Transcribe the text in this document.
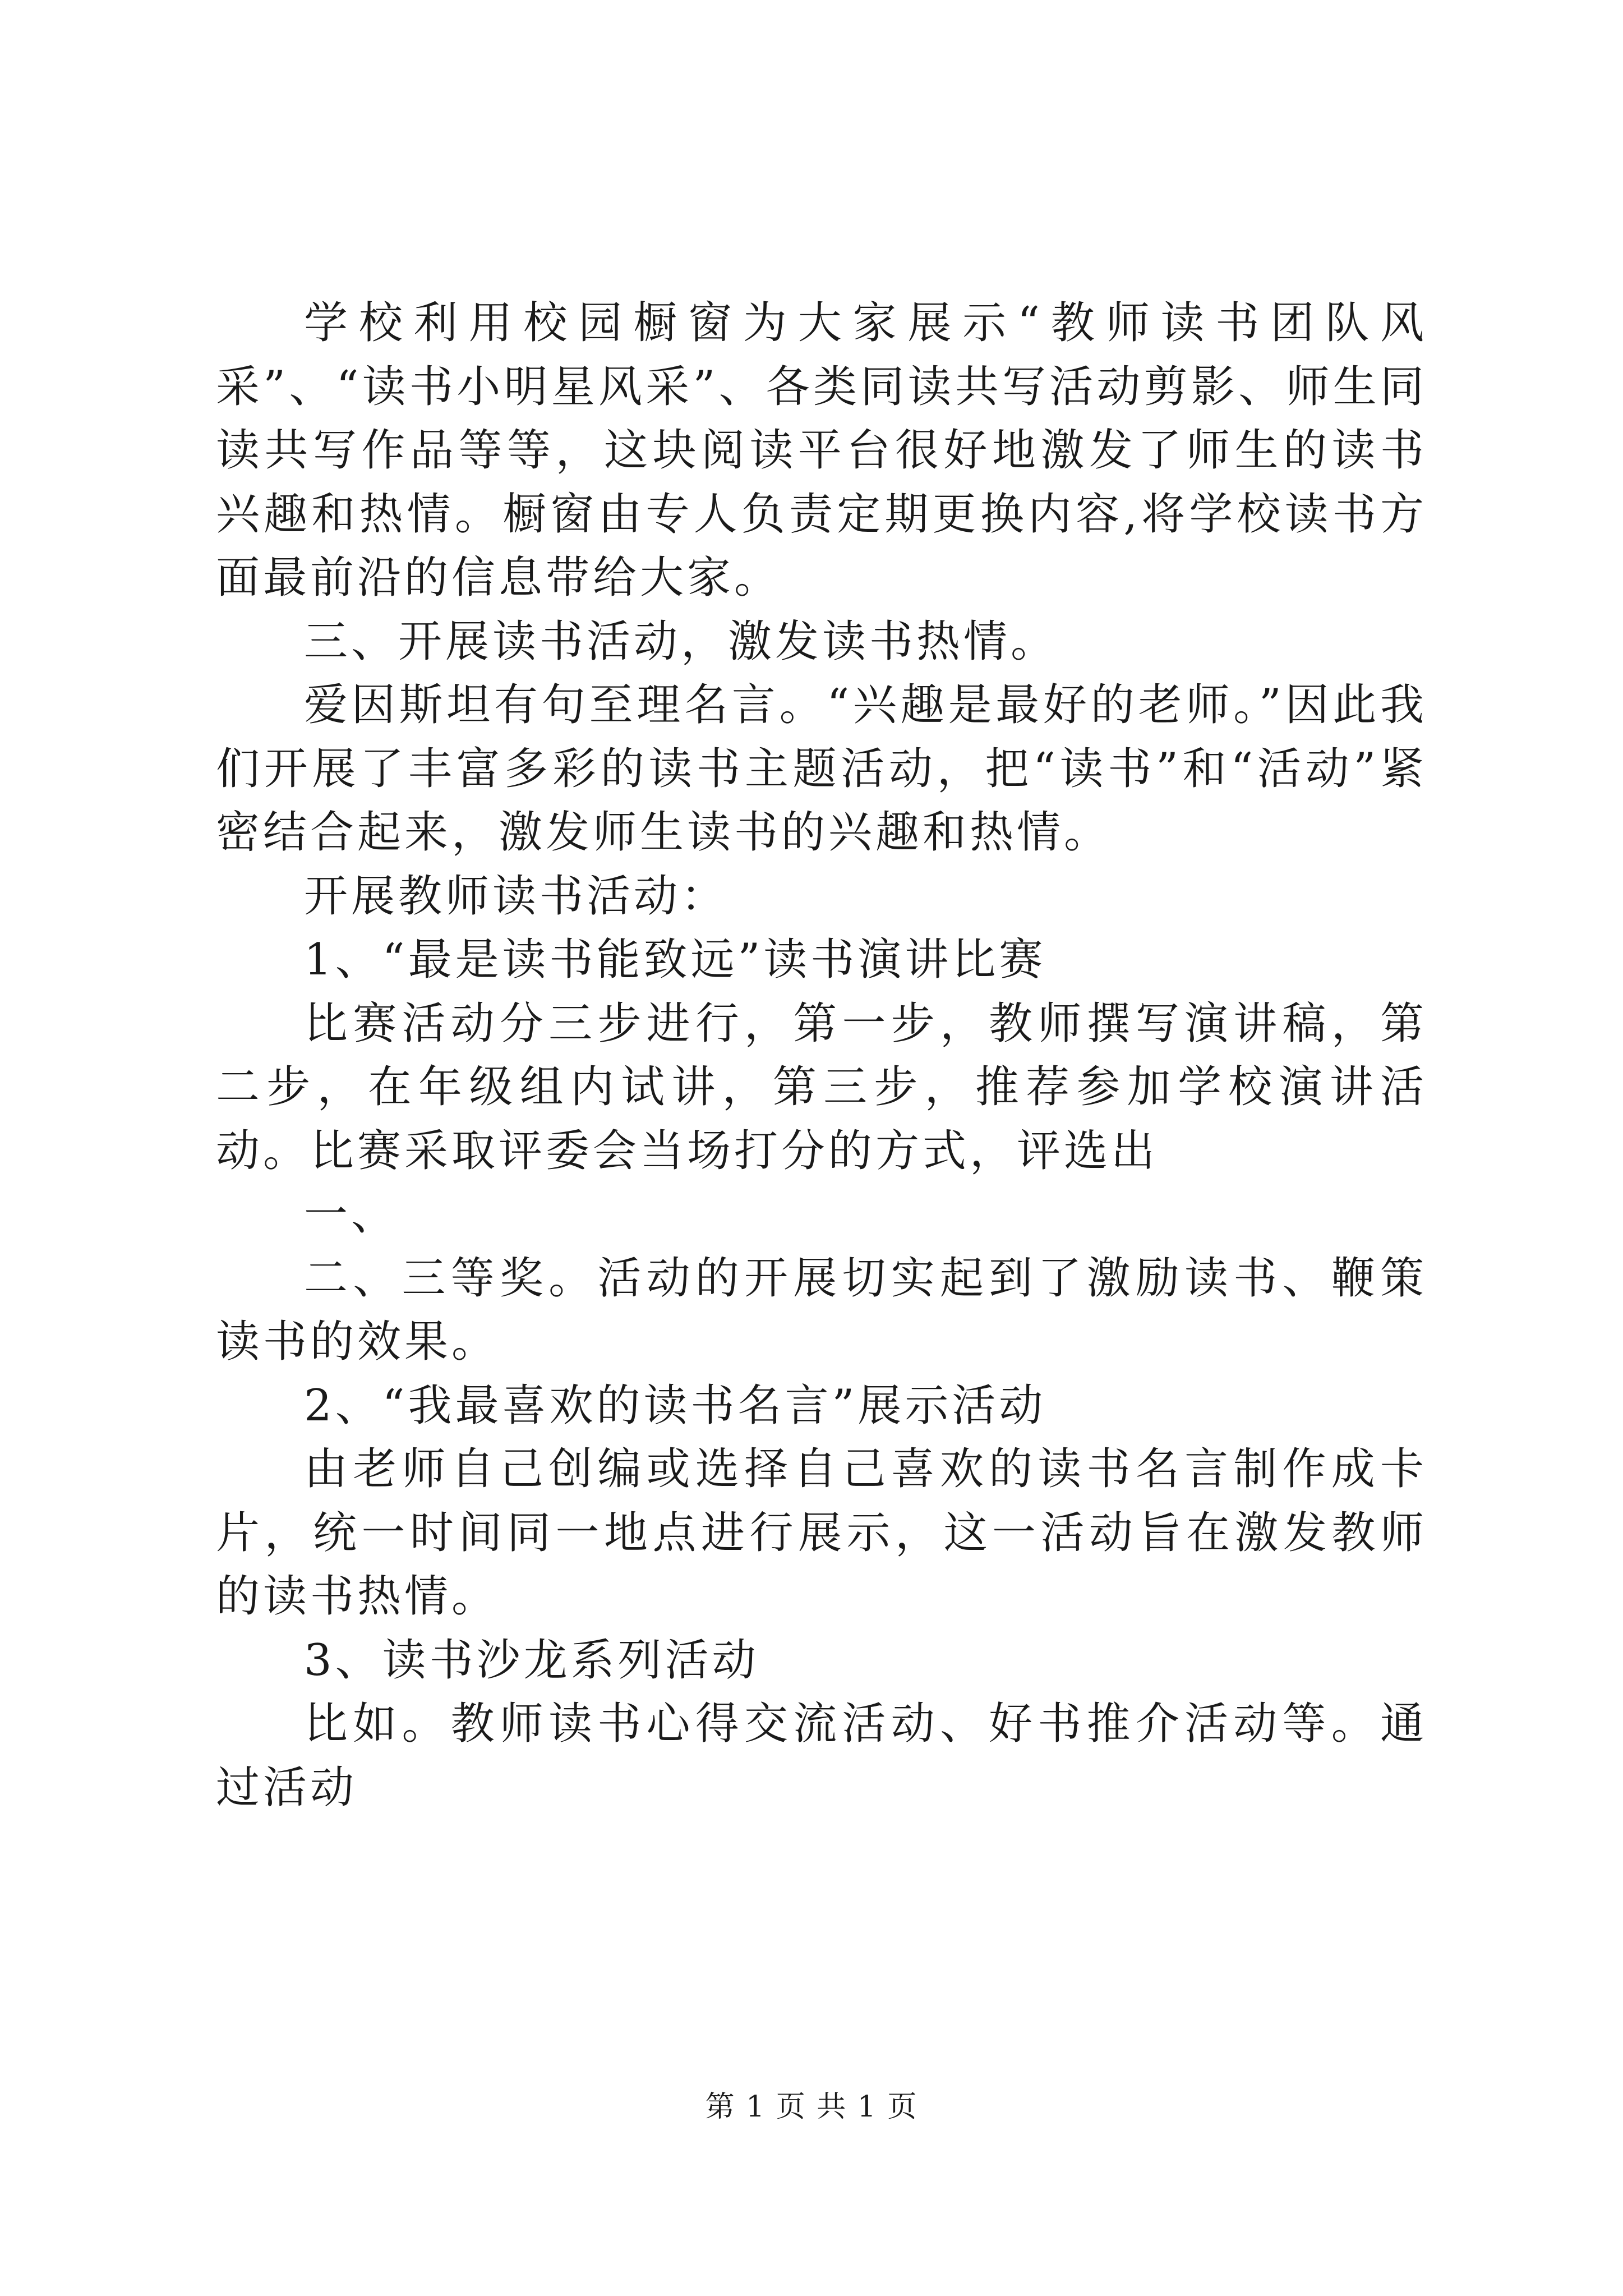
学校利用校园橱窗为大家展示“教师读书团队风采”、“读书小明星风采”、各类同读共写活动剪影、师生同读共写作品等等，这块阅读平台很好地激发了师生的读书兴趣和热情。橱窗由专人负责定期更换内容,将学校读书方面最前沿的信息带给大家。

三、开展读书活动，激发读书热情。

爱因斯坦有句至理名言。“兴趣是最好的老师。”因此我们开展了丰富多彩的读书主题活动，把“读书”和“活动”紧密结合起来，激发师生读书的兴趣和热情。

开展教师读书活动：

1、“最是读书能致远”读书演讲比赛

比赛活动分三步进行，第一步，教师撰写演讲稿，第二步，在年级组内试讲，第三步，推荐参加学校演讲活动。比赛采取评委会当场打分的方式，评选出

一、

二、三等奖。活动的开展切实起到了激励读书、鞭策读书的效果。

2、“我最喜欢的读书名言”展示活动

由老师自己创编或选择自己喜欢的读书名言制作成卡片，统一时间同一地点进行展示，这一活动旨在激发教师的读书热情。

3、读书沙龙系列活动

比如。教师读书心得交流活动、好书推介活动等。通过活动

第 1 页 共 1 页
